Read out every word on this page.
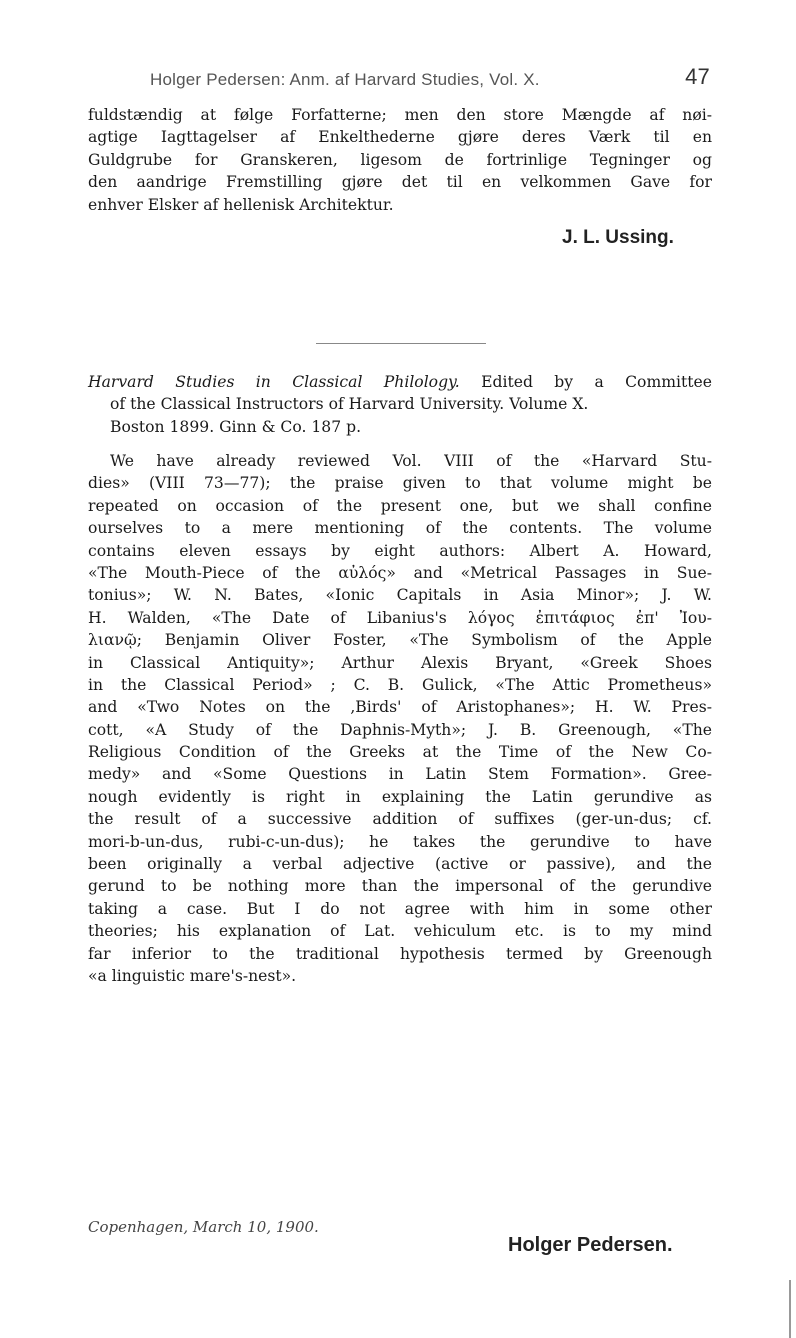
Holger Pedersen: Anm. af Harvard Studies, Vol. X.	47
fuldstændig at følge Forfatterne; men den store Mængde af nøi-
agtige Iagttagelser af Enkelthederne gjøre deres Værk til en
Guldgrube for Granskeren, ligesom de fortrinlige Tegninger og
den aandrige Fremstilling gjøre det til en velkommen Gave for
enhver Elsker af hellenisk Architektur.
J. L. Ussing.
Harvard Studies in Classical Philology. Edited by a Committee
of the Classical Instructors of Harvard University. Volume X.
Boston 1899. Ginn & Co. 187 p.
We have already reviewed Vol. VIII of the «Harvard Stu-
dies» (VIII 73—77); the praise given to that volume might be
repeated on occasion of the present one, but we shall confine
ourselves to a mere mentioning of the contents. The volume
contains eleven essays by eight authors: Albert A. Howard,
«The Mouth-Piece of the αὐλός» and «Metrical Passages in Sue-
tonius»; W. N. Bates, «Ionic Capitals in Asia Minor»; J. W.
H. Walden, «The Date of Libanius's λόγος ἐπιτάφιος ἐπ' Ἰου-
λιανῷ; Benjamin Oliver Foster, «The Symbolism of the Apple
in Classical Antiquity»; Arthur Alexis Bryant, «Greek Shoes
in the Classical Period» ; C. B. Gulick, «The Attic Prometheus»
and «Two Notes on the ,Birds' of Aristophanes»; H. W. Pres-
cott, «A Study of the Daphnis-Myth»; J. B. Greenough, «The
Religious Condition of the Greeks at the Time of the New Co-
medy» and «Some Questions in Latin Stem Formation». Gree-
nough evidently is right in explaining the Latin gerundive as
the result of a successive addition of suffixes (ger-un-dus; cf.
mori-b-un-dus, rubi-c-un-dus); he takes the gerundive to have
been originally a verbal adjective (active or passive), and the
gerund to be nothing more than the impersonal of the gerundive
taking a case. But I do not agree with him in some other
theories; his explanation of Lat. vehiculum etc. is to my mind
far inferior to the traditional hypothesis termed by Greenough
«a linguistic mare's-nest».
Copenhagen, March 10, 1900.
Holger Pedersen.
